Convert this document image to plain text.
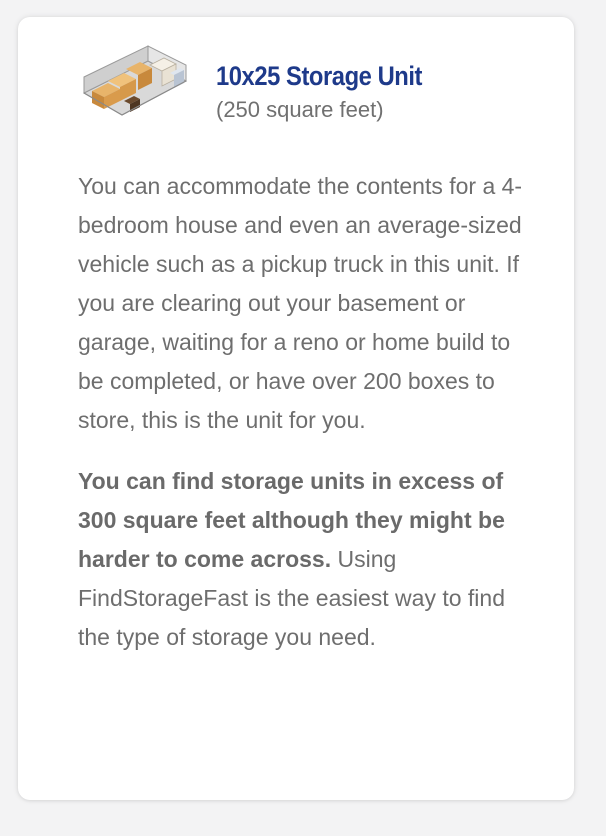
10x25 Storage Unit
(250 square feet)

You can accommodate the contents for a 4-bedroom house and even an average-sized vehicle such as a pickup truck in this unit. If you are clearing out your basement or garage, waiting for a reno or home build to be completed, or have over 200 boxes to store, this is the unit for you.

You can find storage units in excess of 300 square feet although they might be harder to come across. Using FindStorageFast is the easiest way to find the type of storage you need.
